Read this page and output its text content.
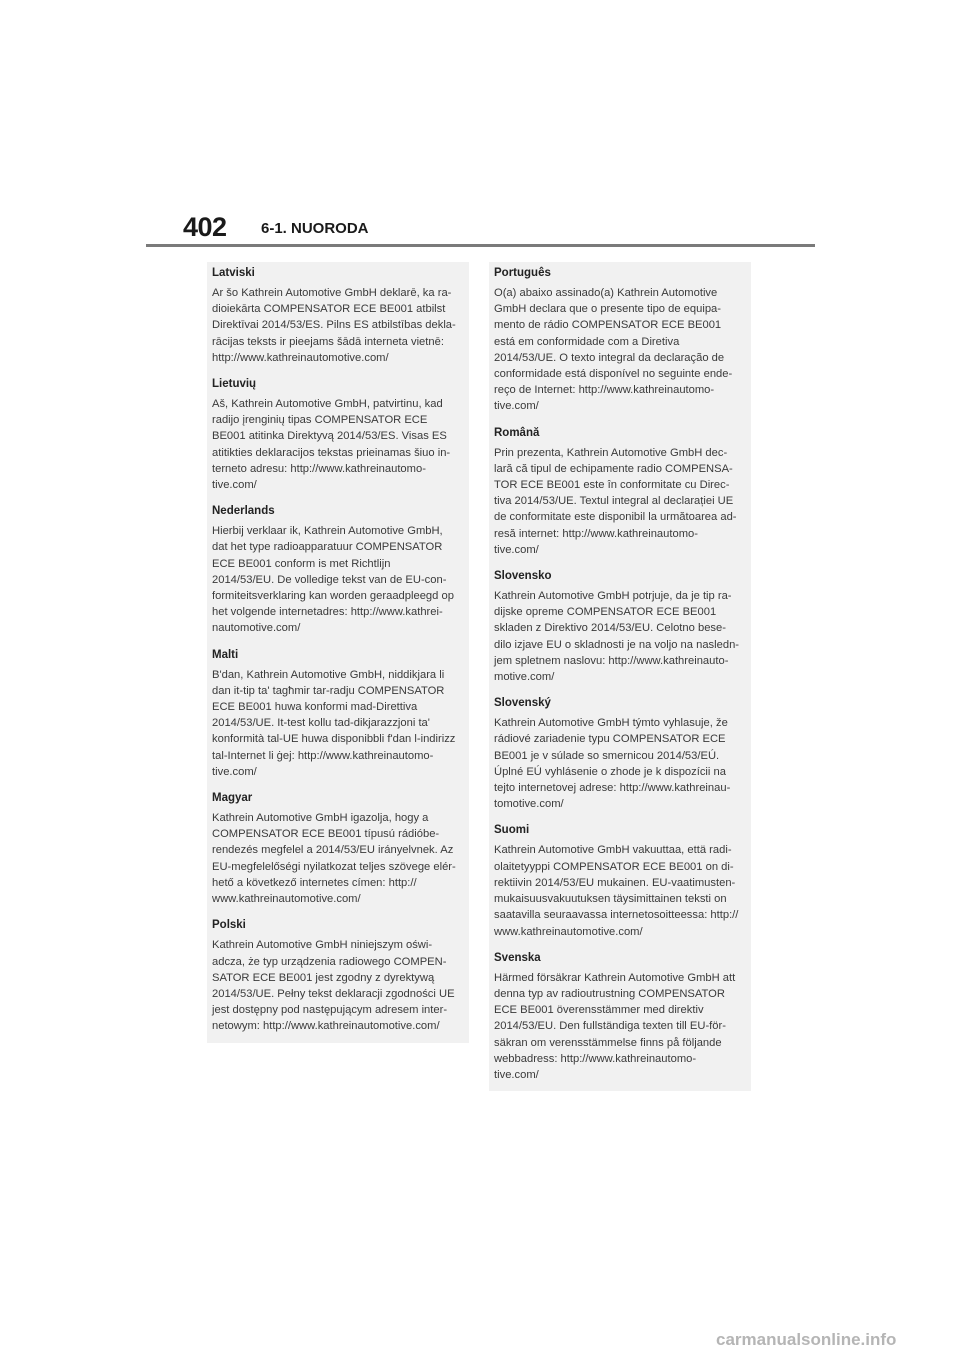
402 6-1. NUORODA
Latviski
Ar šo Kathrein Automotive GmbH deklarē, ka ra-
dioiekārta COMPENSATOR ECE BE001 atbilst
Direktīvai 2014/53/ES. Pilns ES atbilstības dekla-
rācijas teksts ir pieejams šādā interneta vietnē:
http://www.kathreinautomotive.com/
Lietuvių
Aš, Kathrein Automotive GmbH, patvirtinu, kad
radijo įrenginių tipas COMPENSATOR ECE
BE001 atitinka Direktyvą 2014/53/ES. Visas ES
atitikties deklaracijos tekstas prieinamas šiuo in-
terneto adresu: http://www.kathreinautomo-
tive.com/
Nederlands
Hierbij verklaar ik, Kathrein Automotive GmbH,
dat het type radioapparatuur COMPENSATOR
ECE BE001 conform is met Richtlijn
2014/53/EU. De volledige tekst van de EU-con-
formiteitsverklaring kan worden geraadpleegd op
het volgende internetadres: http://www.kathrei-
nautomotive.com/
Malti
B'dan, Kathrein Automotive GmbH, niddikjara li
dan it-tip ta' tagħmir tar-radju COMPENSATOR
ECE BE001 huwa konformi mad-Direttiva
2014/53/UE. It-test kollu tad-dikjarazzjoni ta'
konformità tal-UE huwa disponibbli f'dan l-indirizz
tal-Internet li ġej: http://www.kathreinautomo-
tive.com/
Magyar
Kathrein Automotive GmbH igazolja, hogy a
COMPENSATOR ECE BE001 típusú rádióbe-
rendezés megfelel a 2014/53/EU irányelvnek. Az
EU-megfelelőségi nyilatkozat teljes szövege elér-
hető a következő internetes címen: http://
www.kathreinautomotive.com/
Polski
Kathrein Automotive GmbH niniejszym oświ-
adcza, że typ urządzenia radiowego COMPEN-
SATOR ECE BE001 jest zgodny z dyrektywą
2014/53/UE. Pełny tekst deklaracji zgodności UE
jest dostępny pod następującym adresem inter-
netowym: http://www.kathreinautomotive.com/
Português
O(a) abaixo assinado(a) Kathrein Automotive
GmbH declara que o presente tipo de equipa-
mento de rádio COMPENSATOR ECE BE001
está em conformidade com a Diretiva
2014/53/UE. O texto integral da declaração de
conformidade está disponível no seguinte ende-
reço de Internet: http://www.kathreinautomo-
tive.com/
Română
Prin prezenta, Kathrein Automotive GmbH dec-
lară că tipul de echipamente radio COMPENSA-
TOR ECE BE001 este în conformitate cu Direc-
tiva 2014/53/UE. Textul integral al declarației UE
de conformitate este disponibil la următoarea ad-
resă internet: http://www.kathreinautomo-
tive.com/
Slovensko
Kathrein Automotive GmbH potrjuje, da je tip ra-
dijske opreme COMPENSATOR ECE BE001
skladen z Direktivo 2014/53/EU. Celotno bese-
dilo izjave EU o skladnosti je na voljo na nasledn-
jem spletnem naslovu: http://www.kathreinauto-
motive.com/
Slovenský
Kathrein Automotive GmbH týmto vyhlasuje, že
rádiové zariadenie typu COMPENSATOR ECE
BE001 je v súlade so smernicou 2014/53/EÚ.
Úplné EÚ vyhlásenie o zhode je k dispozícii na
tejto internetovej adrese: http://www.kathreinau-
tomotive.com/
Suomi
Kathrein Automotive GmbH vakuuttaa, että radi-
olaitetyyppi COMPENSATOR ECE BE001 on di-
rektiivin 2014/53/EU mukainen. EU-vaatimusten-
mukaisuusvakuutuksen täysimittainen teksti on
saatavilla seuraavassa internetosoitteessa: http://
www.kathreinautomotive.com/
Svenska
Härmed försäkrar Kathrein Automotive GmbH att
denna typ av radioutrustning COMPENSATOR
ECE BE001 överensstämmer med direktiv
2014/53/EU. Den fullständiga texten till EU-för-
säkran om verensstämmelse finns på följande
webbadress: http://www.kathreinautomo-
tive.com/
carmanualsonline.info
